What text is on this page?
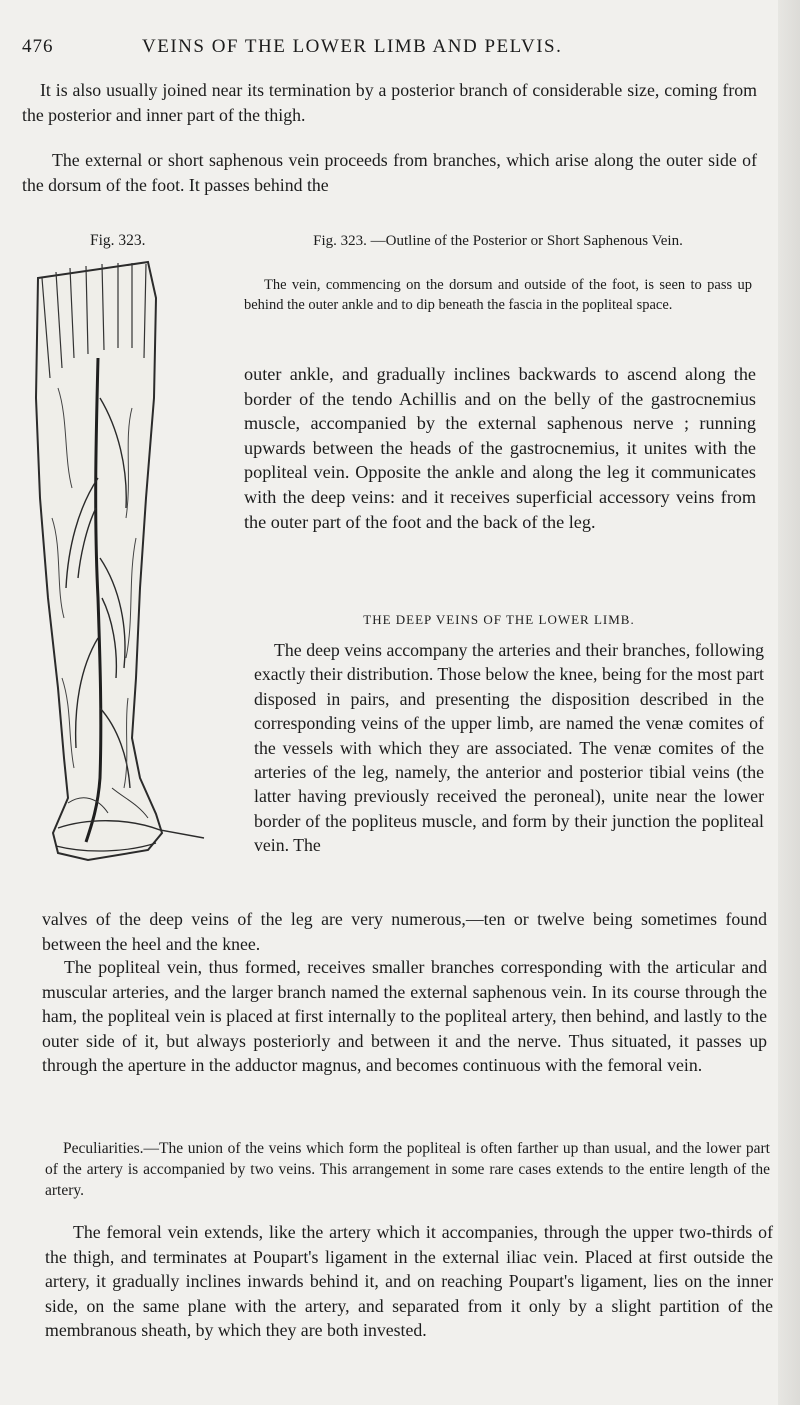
476	VEINS OF THE LOWER LIMB AND PELVIS.

It is also usually joined near its termination by a posterior branch of considerable size, coming from the posterior and inner part of the thigh.

The external or short saphenous vein proceeds from branches, which arise along the outer side of the dorsum of the foot. It passes behind the

Fig. 323.	Fig. 323. —Outline of the Posterior or Short Saphenous Vein.
The vein, commencing on the dorsum and outside of the foot, is seen to pass up behind the outer ankle and to dip beneath the fascia in the popliteal space.

outer ankle, and gradually inclines backwards to ascend along the border of the tendo Achillis and on the belly of the gastrocnemius muscle, accompanied by the external saphenous nerve ; running upwards between the heads of the gastrocnemius, it unites with the popliteal vein. Opposite the ankle and along the leg it communicates with the deep veins: and it receives superficial accessory veins from the outer part of the foot and the back of the leg.

THE DEEP VEINS OF THE LOWER LIMB.

The deep veins accompany the arteries and their branches, following exactly their distribution. Those below the knee, being for the most part disposed in pairs, and presenting the disposition described in the corresponding veins of the upper limb, are named the venæ comites of the vessels with which they are associated. The venæ comites of the arteries of the leg, namely, the anterior and posterior tibial veins (the latter having previously received the peroneal), unite near the lower border of the popliteus muscle, and form by their junction the popliteal vein. The

valves of the deep veins of the leg are very numerous,—ten or twelve being sometimes found between the heel and the knee.

The popliteal vein, thus formed, receives smaller branches corresponding with the articular and muscular arteries, and the larger branch named the external saphenous vein. In its course through the ham, the popliteal vein is placed at first internally to the popliteal artery, then behind, and lastly to the outer side of it, but always posteriorly and between it and the nerve. Thus situated, it passes up through the aperture in the adductor magnus, and becomes continuous with the femoral vein.

Peculiarities.—The union of the veins which form the popliteal is often farther up than usual, and the lower part of the artery is accompanied by two veins. This arrangement in some rare cases extends to the entire length of the artery.

The femoral vein extends, like the artery which it accompanies, through the upper two-thirds of the thigh, and terminates at Poupart's ligament in the external iliac vein. Placed at first outside the artery, it gradually inclines inwards behind it, and on reaching Poupart's ligament, lies on the inner side, on the same plane with the artery, and separated from it only by a slight partition of the membranous sheath, by which they are both invested.
